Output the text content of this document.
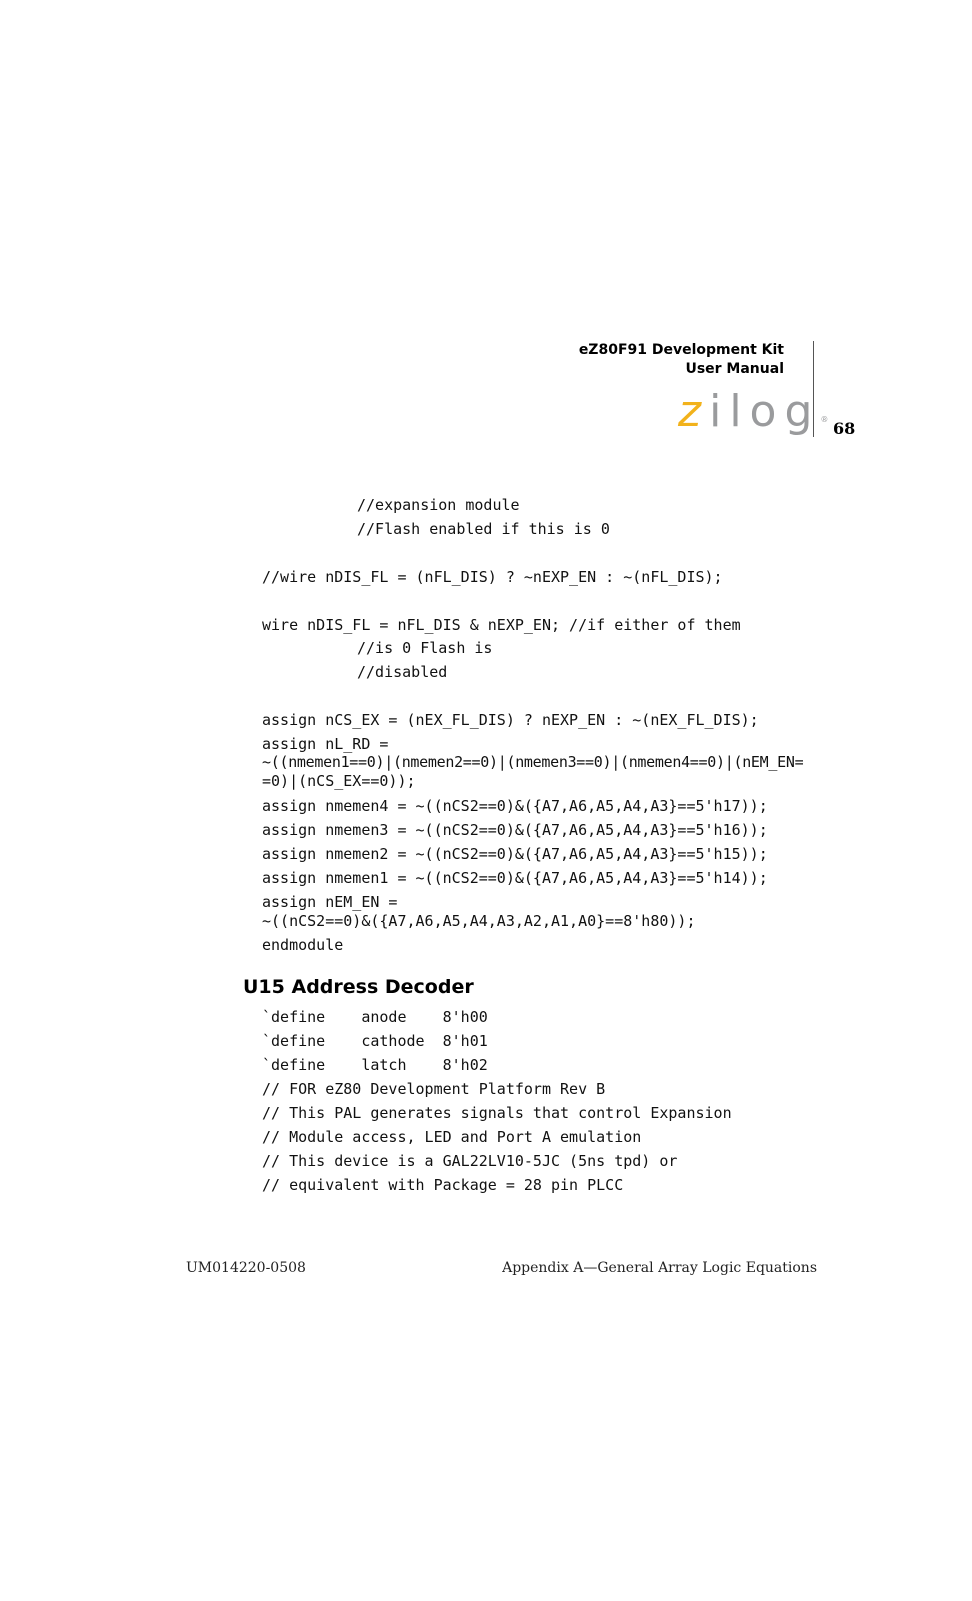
eZ80F91 Development Kit
User Manual
zilog® 68
//expansion module
//Flash enabled if this is 0
//wire nDIS_FL = (nFL_DIS) ? ~nEXP_EN : ~(nFL_DIS);
wire nDIS_FL = nFL_DIS & nEXP_EN; //if either of them
//is 0 Flash is
//disabled
assign nCS_EX = (nEX_FL_DIS) ? nEXP_EN : ~(nEX_FL_DIS);
assign nL_RD =
~((nmemen1==0)|(nmemen2==0)|(nmemen3==0)|(nmemen4==0)|(nEM_EN=
=0)|(nCS_EX==0));
assign nmemen4 = ~((nCS2==0)&({A7,A6,A5,A4,A3}==5'h17));
assign nmemen3 = ~((nCS2==0)&({A7,A6,A5,A4,A3}==5'h16));
assign nmemen2 = ~((nCS2==0)&({A7,A6,A5,A4,A3}==5'h15));
assign nmemen1 = ~((nCS2==0)&({A7,A6,A5,A4,A3}==5'h14));
assign nEM_EN =
~((nCS2==0)&({A7,A6,A5,A4,A3,A2,A1,A0}==8'h80));
endmodule
U15 Address Decoder
`define    anode    8'h00
`define    cathode  8'h01
`define    latch    8'h02
// FOR eZ80 Development Platform Rev B
// This PAL generates signals that control Expansion
// Module access, LED and Port A emulation
// This device is a GAL22LV10-5JC (5ns tpd) or
// equivalent with Package = 28 pin PLCC
UM014220-0508	Appendix A—General Array Logic Equations
